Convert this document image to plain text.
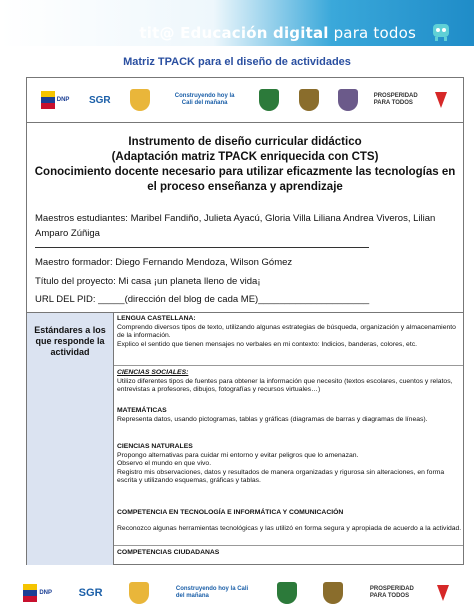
tit@ Educación digital para todos
Matriz TPACK para el diseño de actividades
DNP SGR	Construyendo hoy la Cali del mañana
PROSPERIDAD PARA TODOS
Instrumento de diseño curricular didáctico
(Adaptación matriz TPACK enriquecida con CTS)
Conocimiento docente necesario para utilizar eficazmente las tecnologías en el proceso enseñanza y aprendizaje
Maestros estudiantes: Maribel Fandiño, Julieta Ayacú, Gloria Villa Liliana Andrea Viveros, Lilian Amparo Zúñiga
Maestro formador: Diego Fernando Mendoza, Wilson Gómez
Título del proyecto: Mi casa ¡un planeta lleno de vida¡
URL DEL PID: _____(dirección del blog de cada ME)_____________________
Estándares a los que responde la actividad
LENGUA CASTELLANA:
Comprendo diversos tipos de texto, utilizando algunas estrategias de búsqueda, organización y almacenamiento de la información.
Explico el sentido que tienen mensajes no verbales en mi contexto: Indicios, banderas, colores, etc.
CIENCIAS SOCIALES:
Utilizo diferentes tipos de fuentes para obtener la información que necesito (textos escolares, cuentos y relatos, entrevistas a profesores, dibujos, fotografías y recursos virtuales…)
MATEMÁTICAS
Representa datos, usando pictogramas, tablas y gráficas (diagramas de barras y diagramas de líneas).
CIENCIAS NATURALES
Propongo alternativas para cuidar mi entorno y evitar peligros que lo amenazan.
Observo el mundo en que vivo.
Registro mis observaciones, datos y resultados de manera organizadas y rigurosa sin alteraciones, en forma escrita y utilizando esquemas, gráficas y tablas.
COMPETENCIA EN TECNOLOGÍA E INFORMÁTICA Y COMUNICACIÓN
Reconozco algunas herramientas tecnológicas y las utilizó en forma segura y apropiada de acuerdo a la actividad.
COMPETENCIAS CIUDADANAS
DNP SGR	Construyendo hoy la Cali del mañana
PROSPERIDAD PARA TODOS
